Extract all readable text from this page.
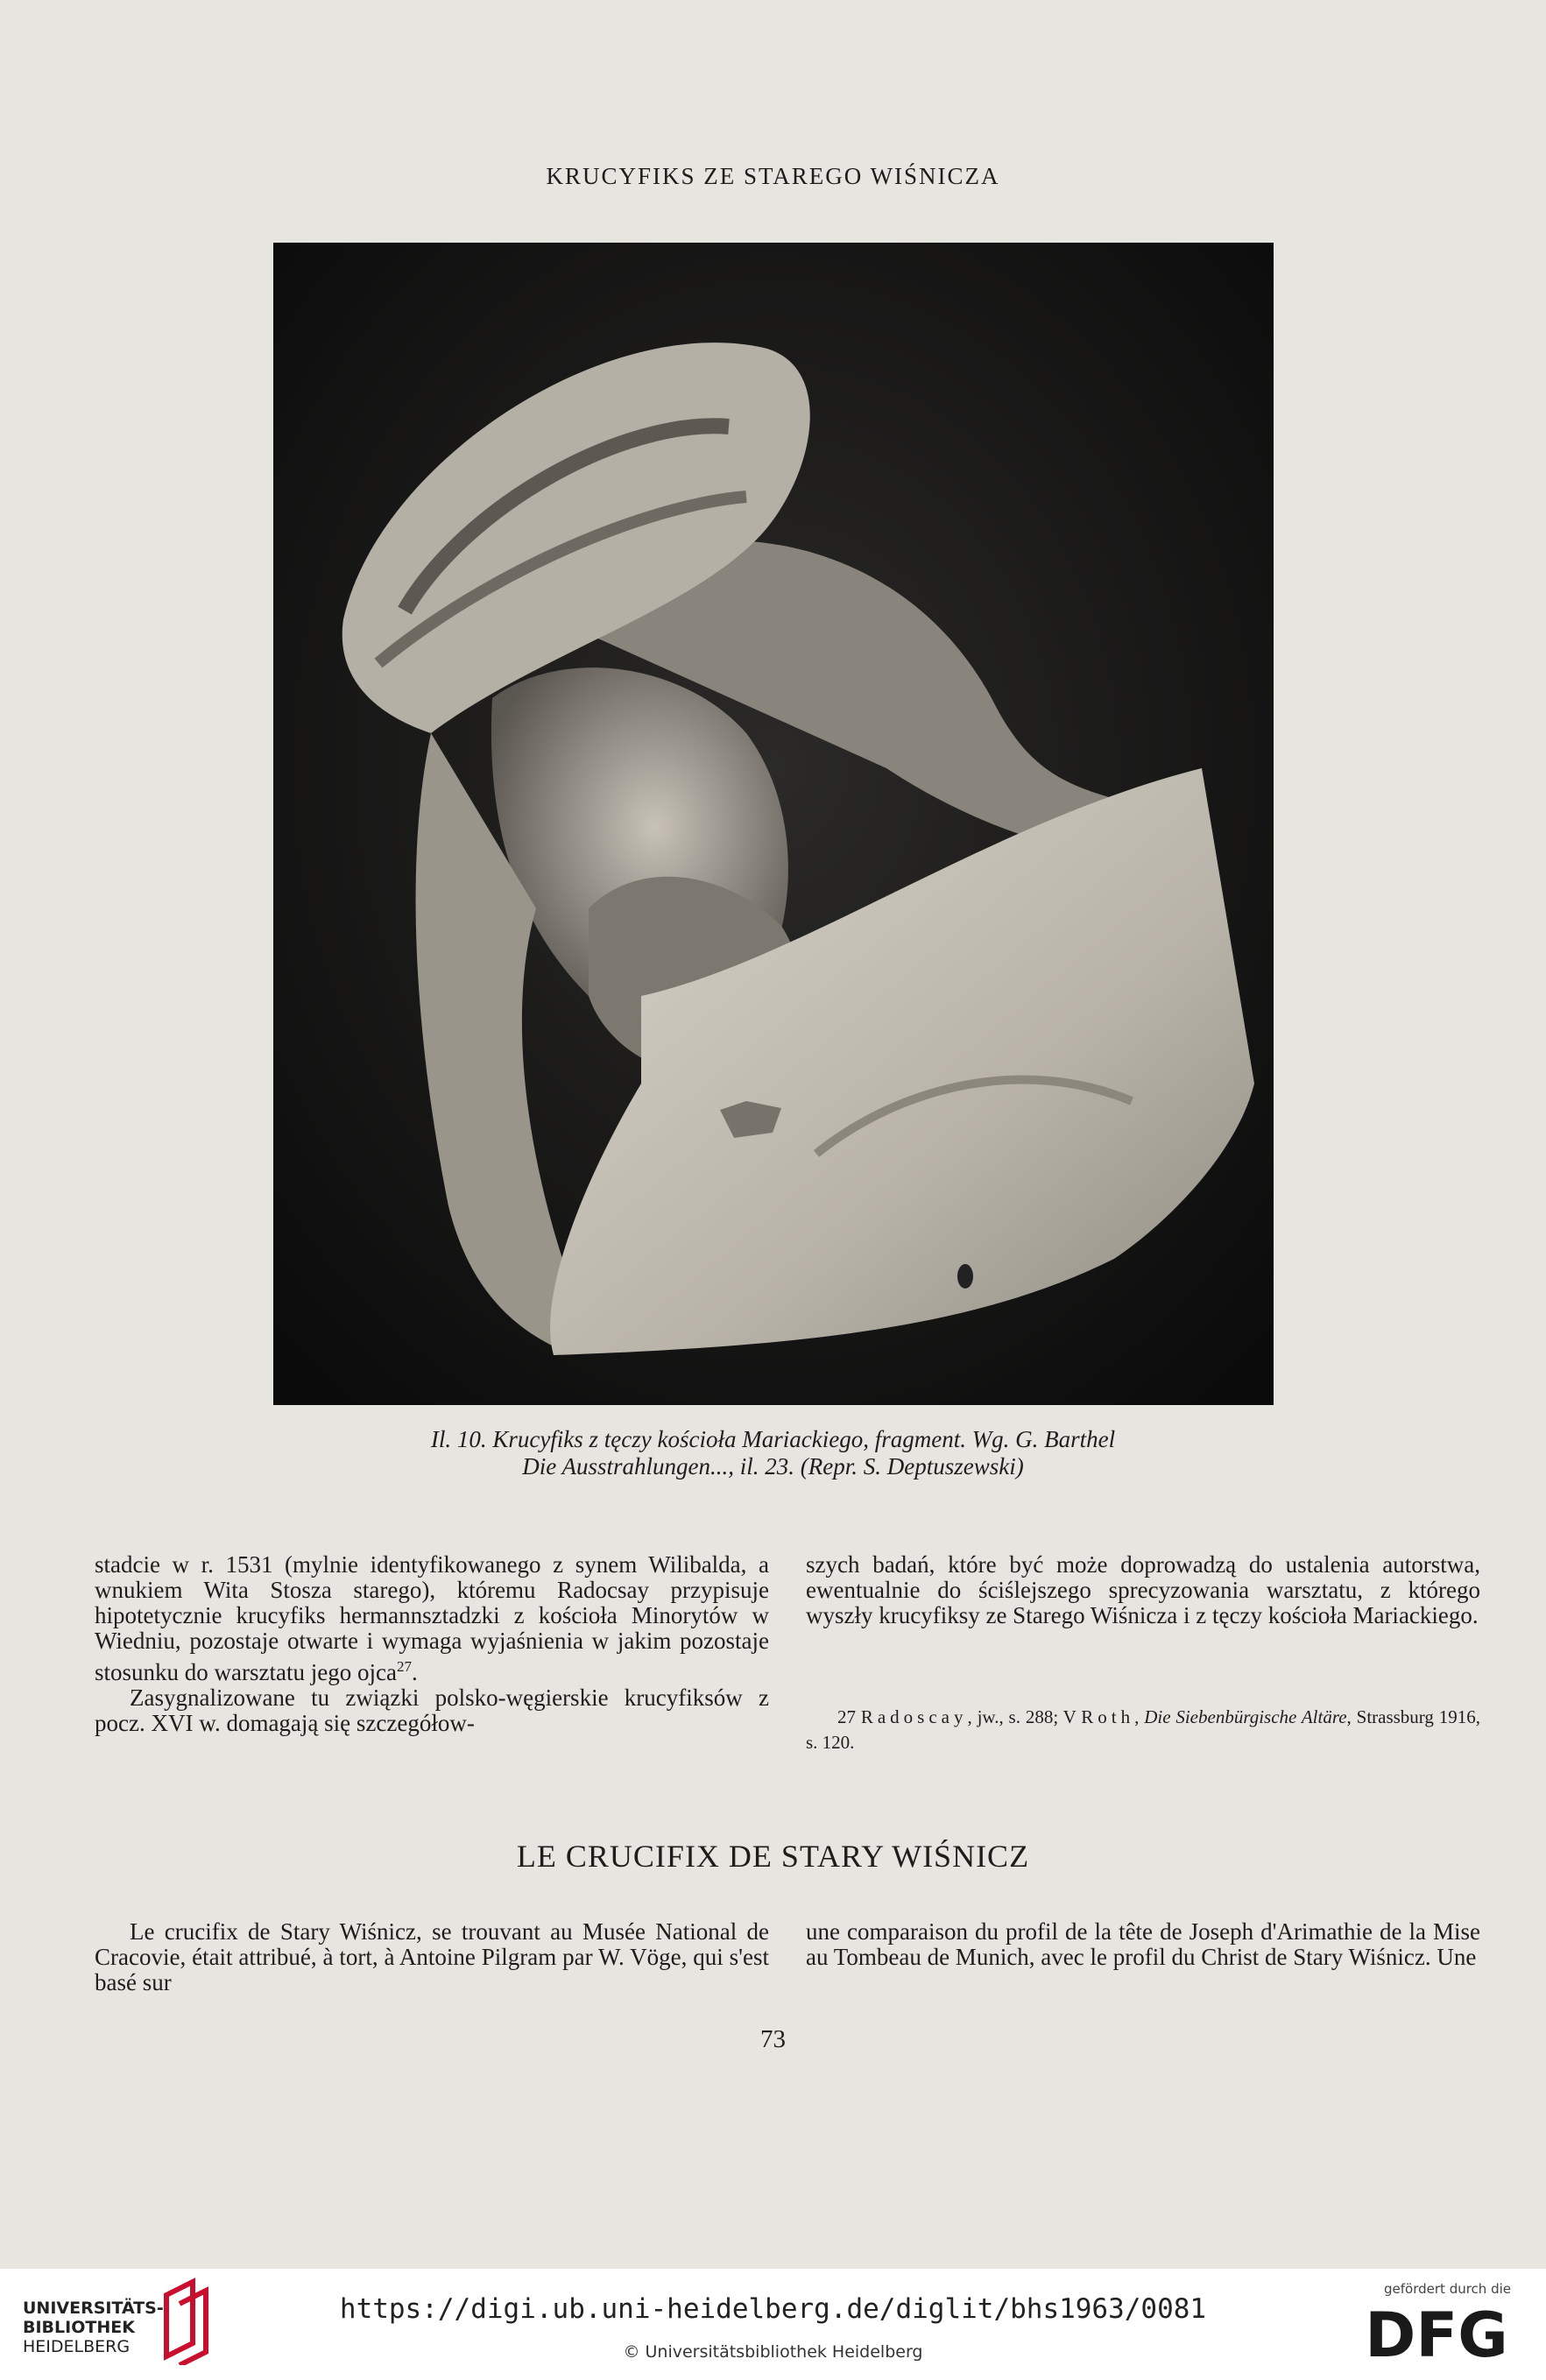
KRUCYFIKS ZE STAREGO WIŚNICZA
Il. 10. Krucyfiks z tęczy kościoła Mariackiego, fragment. Wg. G. Barthel
Die Ausstrahlungen..., il. 23. (Repr. S. Deptuszewski)

stadcie w r. 1531 (mylnie identyfikowanego z synem Wilibalda, a wnukiem Wita Stosza starego), któremu Radocsay przypisuje hipotetycznie krucyfiks hermannsztadzki z kościoła Minorytów w Wiedniu, pozostaje otwarte i wymaga wyjaśnienia w jakim pozostaje stosunku do warsztatu jego ojca$^{27}$.

Zasygnalizowane tu związki polsko-węgierskie krucyfiksów z pocz. XVI w. domagają się szczegółow-

szych badań, które być może doprowadzą do ustalenia autorstwa, ewentualnie do ściślejszego sprecyzowania warsztatu, z którego wyszły krucyfiksy ze Starego Wiśnicza i z tęczy kościoła Mariackiego.

27 Radoscay, jw., s. 288; V Roth, Die Siebenbürgische Altäre, Strassburg 1916, s. 120.
LE CRUCIFIX DE STARY WIŚNICZ

Le crucifix de Stary Wiśnicz, se trouvant au Musée National de Cracovie, était attribué, à tort, à Antoine Pilgram par W. Vöge, qui s'est basé sur

une comparaison du profil de la tête de Joseph d'Arimathie de la Mise au Tombeau de Munich, avec le profil du Christ de Stary Wiśnicz. Une

73
UNIVERSITÄTS-
BIBLIOTHEK
HEIDELBERG
https://digi.ub.uni-heidelberg.de/diglit/bhs1963/0081
© Universitätsbibliothek Heidelberg
gefördert durch die
DFG
